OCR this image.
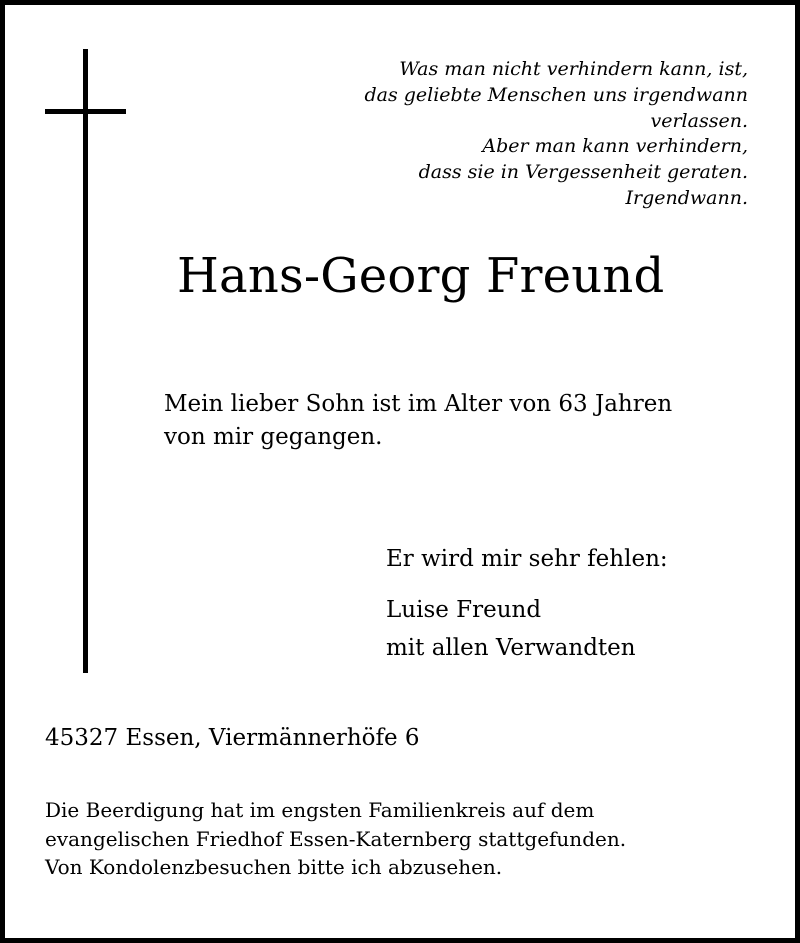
Was man nicht verhindern kann, ist,
das geliebte Menschen uns irgendwann
verlassen.
Aber man kann verhindern,
dass sie in Vergessenheit geraten.
Irgendwann.
Hans-Georg Freund
Mein lieber Sohn ist im Alter von 63 Jahren
von mir gegangen.
Er wird mir sehr fehlen:
Luise Freund
mit allen Verwandten
45327 Essen, Viermännerhöfe 6
Die Beerdigung hat im engsten Familienkreis auf dem
evangelischen Friedhof Essen-Katernberg stattgefunden.
Von Kondolenzbesuchen bitte ich abzusehen.
